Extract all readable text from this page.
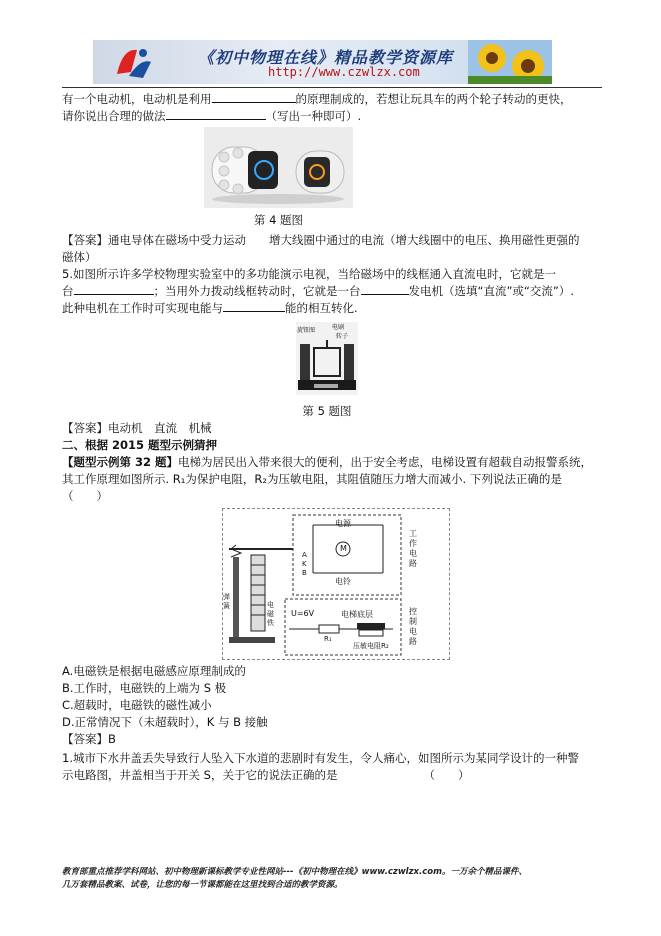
《初中物理在线》精品教学资源库
http://www.czwlzx.com
有一个电动机，电动机是利用	的原理制成的，若想让玩具车的两个轮子转动的更快，
请你说出合理的做法	（写出一种即可）.
第 4 题图
【答案】通电导体在磁场中受力运动　　增大线圈中通过的电流（增大线圈中的电压、换用磁性更强的
磁体）
5.如图所示许多学校物理实验室中的多功能演示电视，当给磁场中的线框通入直流电时，它就是一
台	；当用外力拨动线框转动时，它就是一台	发电机（选填“直流”或“交流”）.
此种电机在工作时可实现电能与	能的相互转化.
旋钮图	电刷
转子
第 5 题图
【答案】电动机　直流　机械
二、根据 2015 题型示例猜押
【题型示例第 32 题】电梯为居民出入带来很大的便利，出于安全考虑，电梯设置有超载自动报警系统，
其工作原理如图所示. R₁为保护电阻，R₂为压敏电阻，其阻值随压力增大而减小. 下列说法正确的是
（　　）
电源
M
电铃
工作电路
弹簧	电磁铁
U=6V	电梯底层
R₁
压敏电阻R₂
控制电路
A
K
B
A.电磁铁是根据电磁感应原理制成的
B.工作时，电磁铁的上端为 S 极
C.超载时，电磁铁的磁性减小
D.正常情况下（未超载时），K 与 B 接触
【答案】B
1.城市下水井盖丢失导致行人坠入下水道的悲剧时有发生，令人痛心，如图所示为某同学设计的一种警
示电路图，井盖相当于开关 S，关于它的说法正确的是	（　　）
教育部重点推荐学科网站、初中物理新课标教学专业性网站---《初中物理在线》www.czwlzx.com。一万余个精品课件、
几万套精品教案、试卷，让您的每一节课都能在这里找到合适的教学资源。
